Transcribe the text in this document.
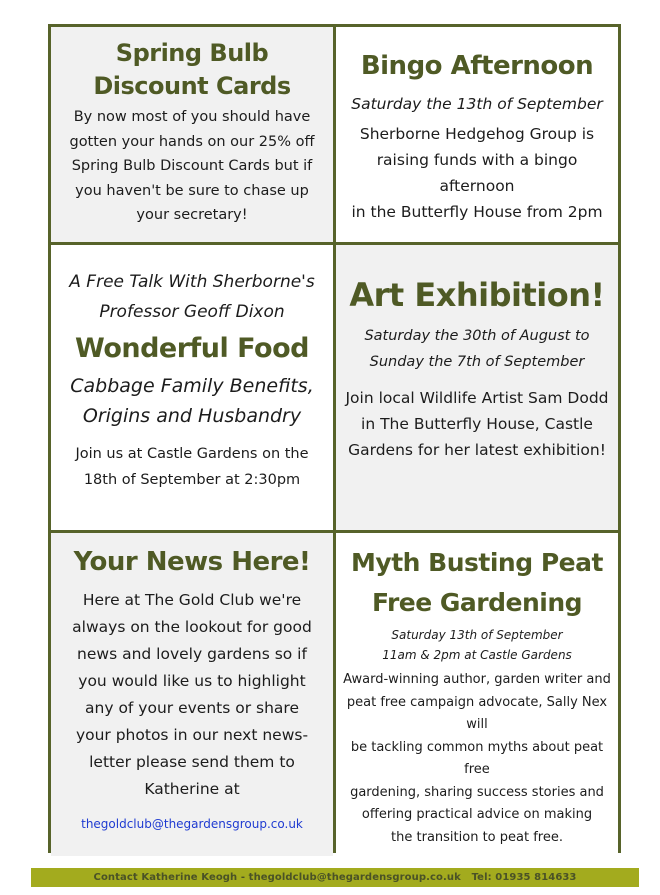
Spring Bulb
Discount Cards
By now most of you should have
gotten your hands on our 25% off
Spring Bulb Discount Cards but if
you haven't be sure to chase up
your secretary!
Bingo Afternoon
Saturday the 13th of September
Sherborne Hedgehog Group is
raising funds with a bingo afternoon
in the Butterfly House from 2pm
A Free Talk With Sherborne's
Professor Geoff Dixon
Wonderful Food
Cabbage Family Benefits,
Origins and Husbandry
Join us at Castle Gardens on the
18th of September at 2:30pm
Art Exhibition!
Saturday the 30th of August to
Sunday the 7th of September
Join local Wildlife Artist Sam Dodd
in The Butterfly House, Castle
Gardens for her latest exhibition!
Your News Here!
Here at The Gold Club we're
always on the lookout for good
news and lovely gardens so if
you would like us to highlight
any of your events or share
your photos in our next news-
letter please send them to
Katherine at
thegoldclub@thegardensgroup.co.uk
Myth Busting Peat
Free Gardening
Saturday 13th of September
11am & 2pm at Castle Gardens
Award-winning author, garden writer and
peat free campaign advocate, Sally Nex will
be tackling common myths about peat free
gardening, sharing success stories and
offering practical advice on making
the transition to peat free.
Contact Katherine Keogh - thegoldclub@thegardensgroup.co.uk   Tel: 01935 814633
